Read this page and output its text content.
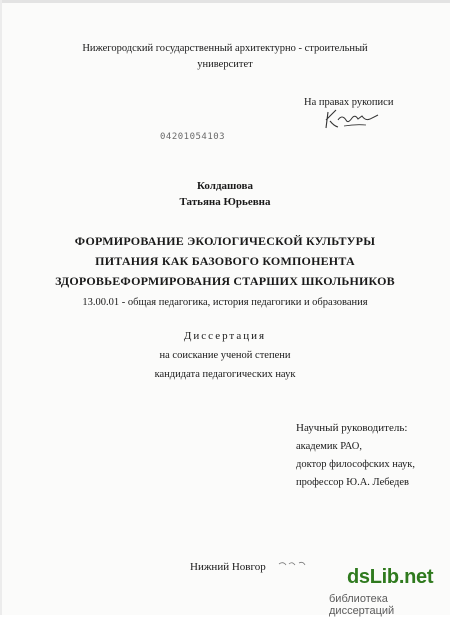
Нижегородский государственный архитектурно - строительный
университет
На правах рукописи
04201054103
Колдашова
Татьяна Юрьевна
ФОРМИРОВАНИЕ ЭКОЛОГИЧЕСКОЙ КУЛЬТУРЫ
ПИТАНИЯ КАК БАЗОВОГО КОМПОНЕНТА
ЗДОРОВЬЕФОРМИРОВАНИЯ СТАРШИХ ШКОЛЬНИКОВ
13.00.01 - общая педагогика, история педагогики и образования
Диссертация
на соискание ученой степени
кандидата педагогических наук
Научный руководитель:
академик РАО,
доктор философских наук,
профессор Ю.А. Лебедев
Нижний Новгор	dsLib.net
библиотека диссертаций
